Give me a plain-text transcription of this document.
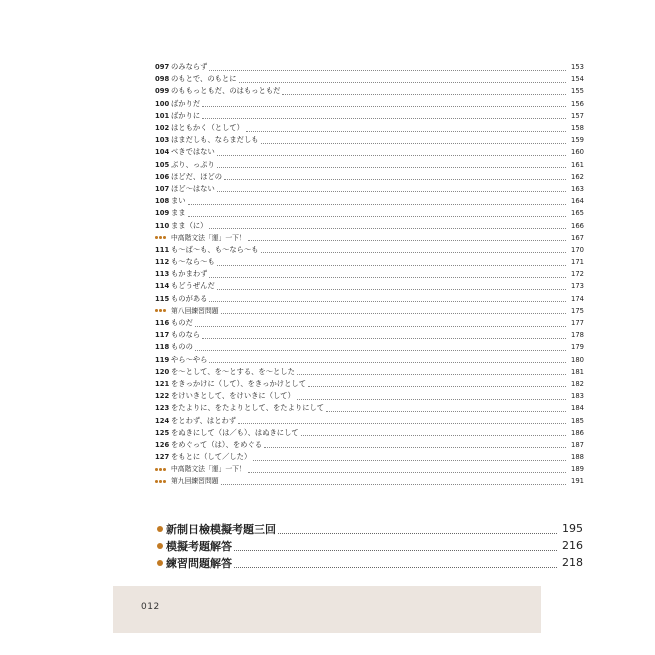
097 のみならず	153
098 のもとで、のもとに	154
099 のももっともだ、のはもっともだ	155
100 ばかりだ	156
101 ばかりに	157
102 はともかく（として）	158
103 はまだしも、ならまだしも	159
104 べきではない	160
105 ぶり、っぷり	161
106 ほどだ、ほどの	162
107 ほど〜はない	163
108 まい	164
109 まま	165
110 まま（に）	166
中高階文法「運」一下！	167
111 も〜ば〜も、も〜なら〜も	170
112 も〜なら〜も	171
113 もかまわず	172
114 もどうぜんだ	173
115 ものがある	174
第八回練習問題	175
116 ものだ	177
117 ものなら	178
118 ものの	179
119 やら〜やら	180
120 を〜として、を〜とする、を〜とした	181
121 をきっかけに（して）、をきっかけとして	182
122 をけいきとして、をけいきに（して）	183
123 をたよりに、をたよりとして、をたよりにして	184
124 をとわず、はとわず	185
125 をぬきにして（は／も）、はぬきにして	186
126 をめぐって（は）、をめぐる	187
127 をもとに（して／した）	188
中高階文法「運」一下！	189
第九回練習問題	191
新制日檢模擬考題三回	195
模擬考題解答	216
練習問題解答	218
012
